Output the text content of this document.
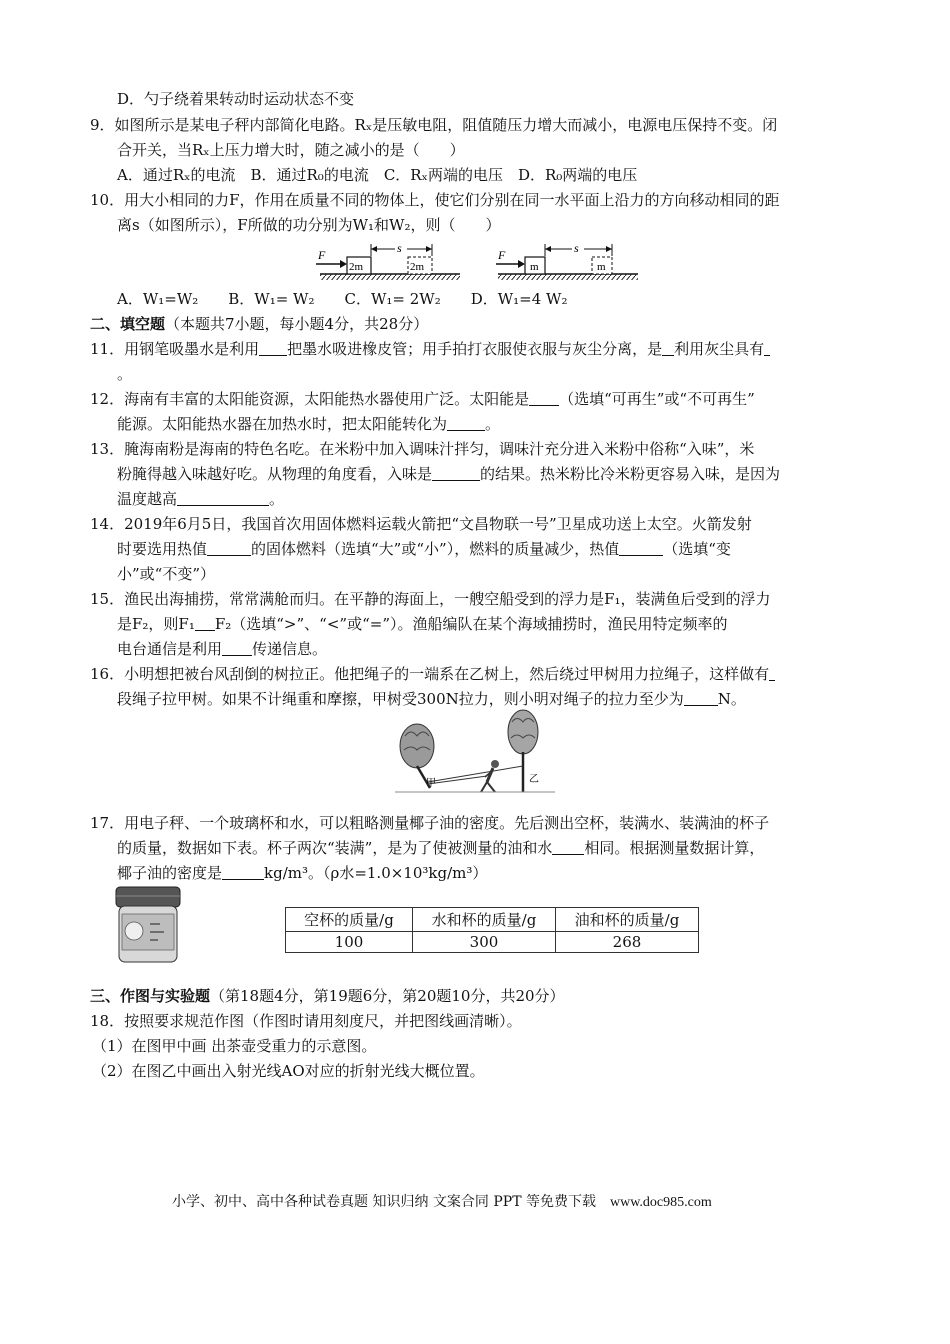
D．勺子绕着果转动时运动状态不变
9．如图所示是某电子秤内部简化电路。Rₓ是压敏电阻，阻值随压力增大而减小，电源电压保持不变。闭
合开关，当Rₓ上压力增大时，随之减小的是（　　）
A．通过Rₓ的电流　B．通过R₀的电流　C．Rₓ两端的电压　D．R₀两端的电压
10．用大小相同的力F，作用在质量不同的物体上，使它们分别在同一水平面上沿力的方向移动相同的距
离s（如图所示），F所做的功分别为W₁和W₂，则（　　）
F
2m	2m
s	F
m	m
s
A．W₁=W₂　　B．W₁= W₂　　C．W₁= 2W₂　　D．W₁=4 W₂
二、填空题（本题共7小题，每小题4分，共28分）
11．用钢笔吸墨水是利用 把墨水吸进橡皮管；用手拍打衣服使衣服与灰尘分离，是 利用灰尘具有
。
12．海南有丰富的太阳能资源，太阳能热水器使用广泛。太阳能是 （选填“可再生”或“不可再生”
能源。太阳能热水器在加热水时，把太阳能转化为	。
13．腌海南粉是海南的特色名吃。在米粉中加入调味汁拌匀，调味汁充分进入米粉中俗称“入味”，米
粉腌得越入味越好吃。从物理的角度看，入味是	的结果。热米粉比冷米粉更容易入味，是因为
温度越高	。
14．2019年6月5日，我国首次用固体燃料运载火箭把“文昌物联一号”卫星成功送上太空。火箭发射
时要选用热值	的固体燃料（选填“大”或“小”），燃料的质量减少，热值	（选填“变
小”或“不变”）
15．渔民出海捕捞，常常满舱而归。在平静的海面上，一艘空船受到的浮力是F₁，装满鱼后受到的浮力
是F₂，则F₁ F₂（选填“>”、“<”或“=”）。渔船编队在某个海域捕捞时，渔民用特定频率的
电台通信是利用 传递信息。
16．小明想把被台风刮倒的树拉正。他把绳子的一端系在乙树上，然后绕过甲树用力拉绳子，这样做有
段绳子拉甲树。如果不计绳重和摩擦，甲树受300N拉力，则小明对绳子的拉力至少为 N。
甲	乙
17．用电子秤、一个玻璃杯和水，可以粗略测量椰子油的密度。先后测出空杯，装满水、装满油的杯子
的质量，数据如下表。杯子两次“装满”，是为了使被测量的油和水 相同。根据测量数据计算，
椰子油的密度是	kg/m³。（ρ水=1.0×10³kg/m³）
空杯的质量/g	水和杯的质量/g	油和杯的质量/g
100	300	268
三、作图与实验题（第18题4分，第19题6分，第20题10分，共20分）
18．按照要求规范作图（作图时请用刻度尺，并把图线画清晰）。
（1）在图甲中画 出茶壶受重力的示意图。
（2）在图乙中画出入射光线AO对应的折射光线大概位置。
小学、初中、高中各种试卷真题 知识归纳 文案合同 PPT 等免费下载 www.doc985.com
